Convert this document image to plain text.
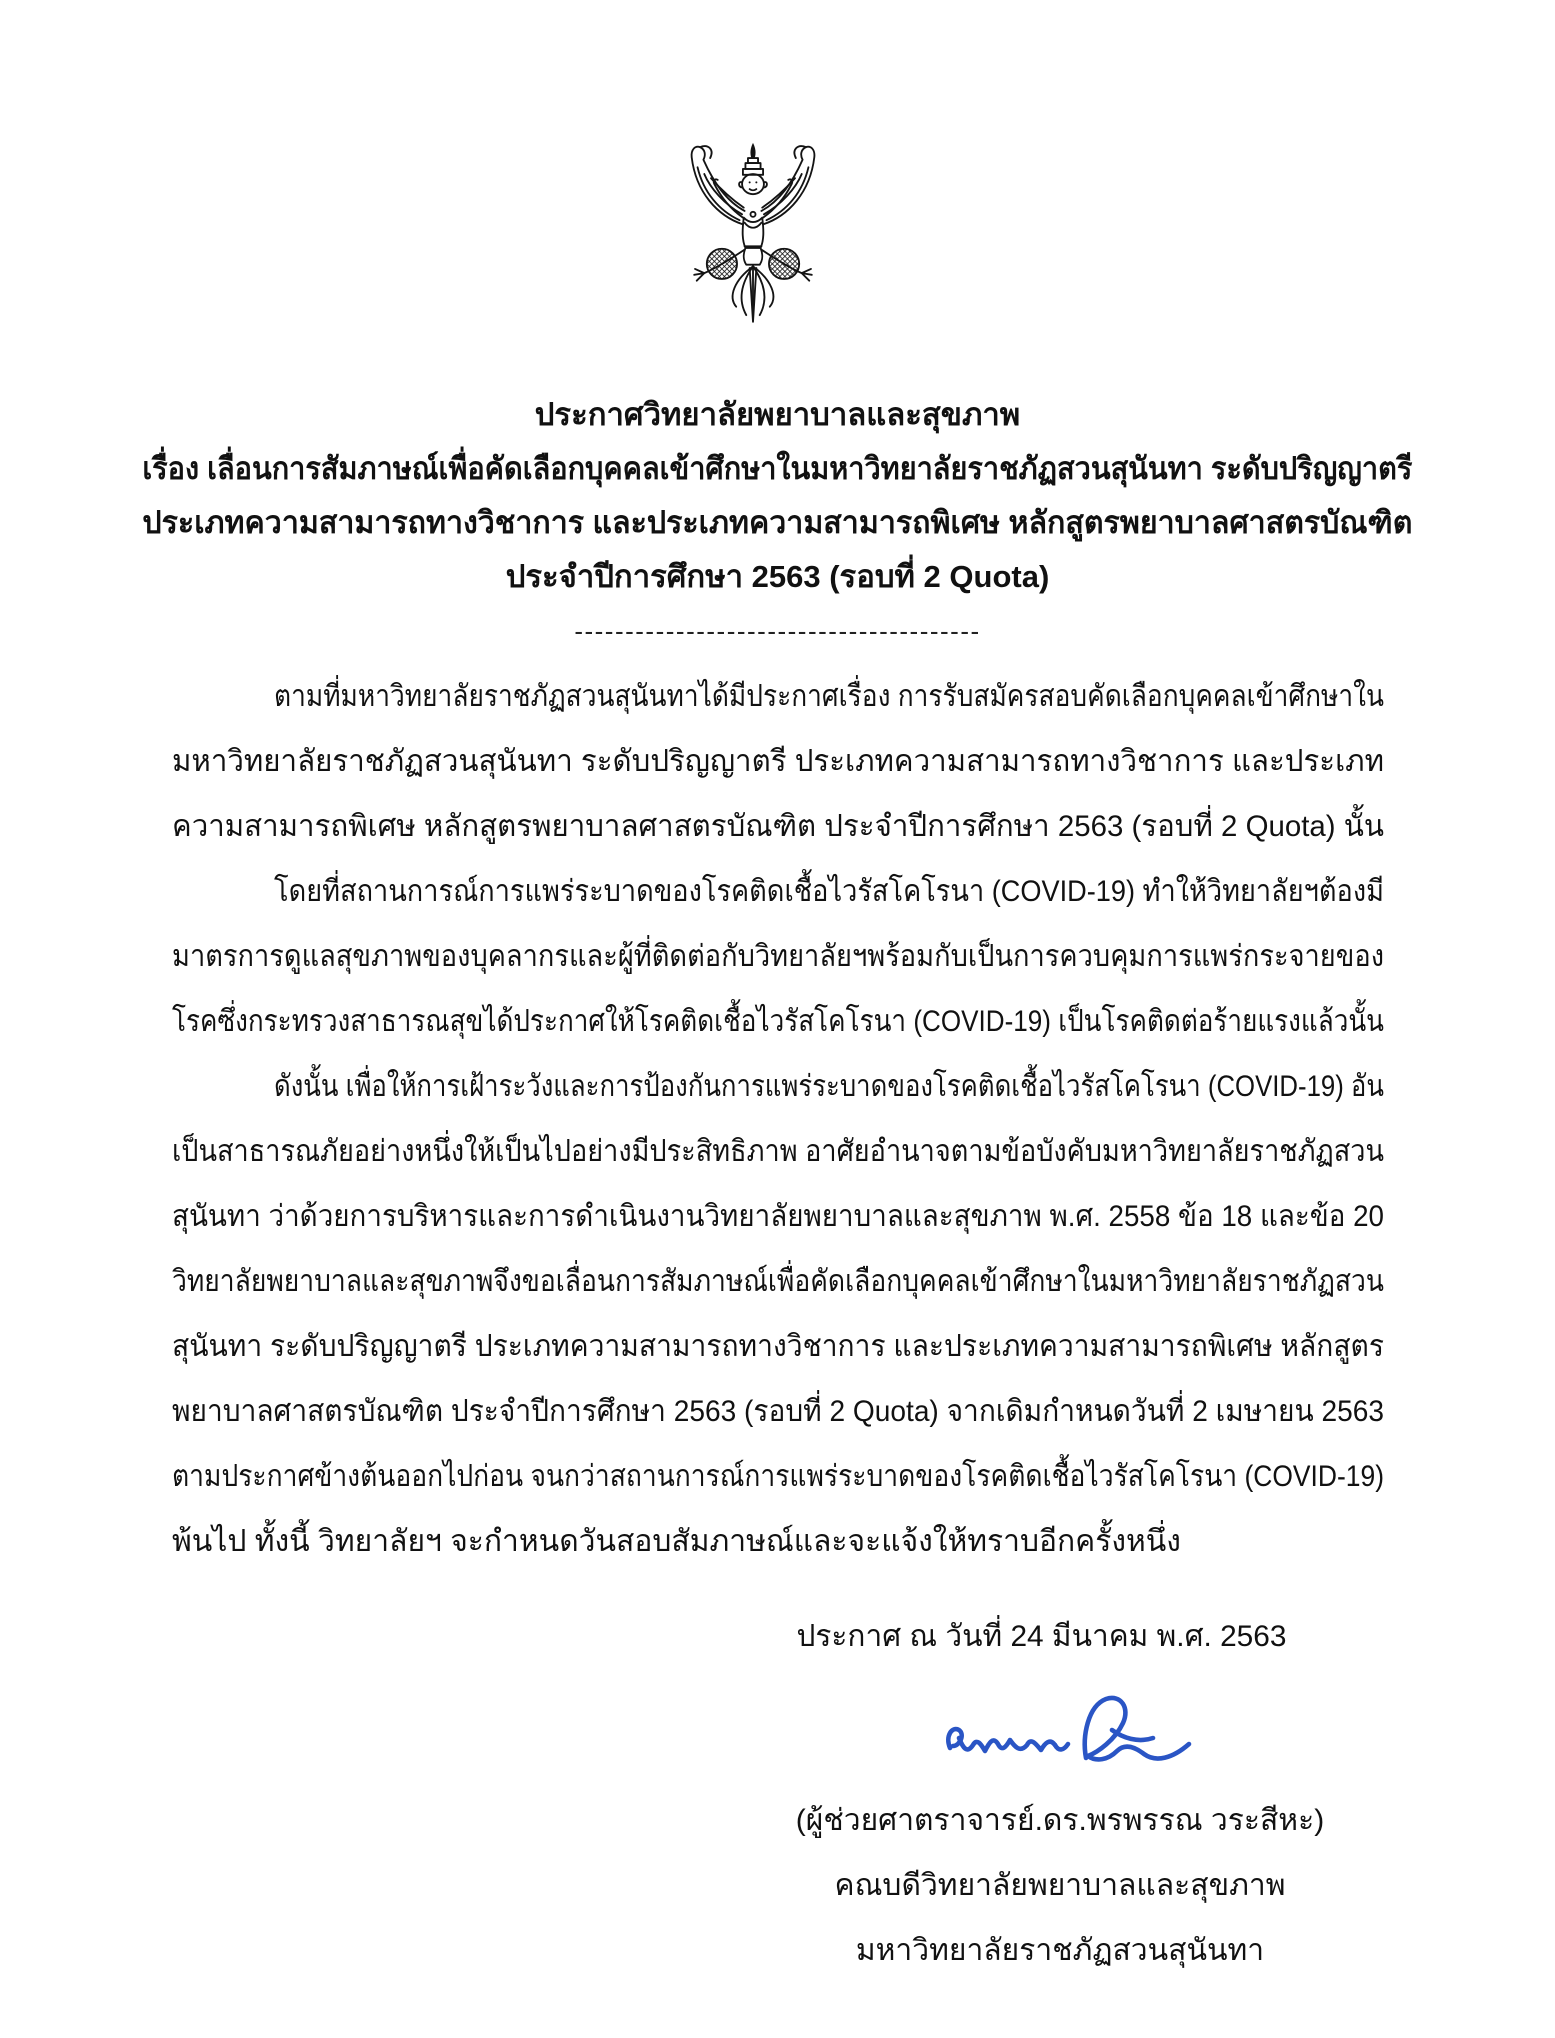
ประกาศวิทยาลัยพยาบาลและสุขภาพ
เรื่อง เลื่อนการสัมภาษณ์เพื่อคัดเลือกบุคคลเข้าศึกษาในมหาวิทยาลัยราชภัฏสวนสุนันทา ระดับปริญญาตรี
ประเภทความสามารถทางวิชาการ และประเภทความสามารถพิเศษ หลักสูตรพยาบาลศาสตรบัณฑิต
ประจำปีการศึกษา 2563 (รอบที่ 2 Quota)
----------------------------------------
ตามที่มหาวิทยาลัยราชภัฏสวนสุนันทาได้มีประกาศเรื่อง การรับสมัครสอบคัดเลือกบุคคลเข้าศึกษาใน
มหาวิทยาลัยราชภัฏสวนสุนันทา ระดับปริญญาตรี ประเภทความสามารถทางวิชาการ และประเภท
ความสามารถพิเศษ หลักสูตรพยาบาลศาสตรบัณฑิต ประจำปีการศึกษา 2563 (รอบที่ 2 Quota) นั้น
โดยที่สถานการณ์การแพร่ระบาดของโรคติดเชื้อไวรัสโคโรนา (COVID-19) ทำให้วิทยาลัยฯต้องมี
มาตรการดูแลสุขภาพของบุคลากรและผู้ที่ติดต่อกับวิทยาลัยฯพร้อมกับเป็นการควบคุมการแพร่กระจายของ
โรคซึ่งกระทรวงสาธารณสุขได้ประกาศให้โรคติดเชื้อไวรัสโคโรนา (COVID-19) เป็นโรคติดต่อร้ายแรงแล้วนั้น
ดังนั้น เพื่อให้การเฝ้าระวังและการป้องกันการแพร่ระบาดของโรคติดเชื้อไวรัสโคโรนา (COVID-19) อัน
เป็นสาธารณภัยอย่างหนึ่งให้เป็นไปอย่างมีประสิทธิภาพ อาศัยอำนาจตามข้อบังคับมหาวิทยาลัยราชภัฏสวน
สุนันทา ว่าด้วยการบริหารและการดำเนินงานวิทยาลัยพยาบาลและสุขภาพ พ.ศ. 2558 ข้อ 18 และข้อ 20
วิทยาลัยพยาบาลและสุขภาพจึงขอเลื่อนการสัมภาษณ์เพื่อคัดเลือกบุคคลเข้าศึกษาในมหาวิทยาลัยราชภัฏสวน
สุนันทา ระดับปริญญาตรี ประเภทความสามารถทางวิชาการ และประเภทความสามารถพิเศษ หลักสูตร
พยาบาลศาสตรบัณฑิต ประจำปีการศึกษา 2563 (รอบที่ 2 Quota) จากเดิมกำหนดวันที่ 2 เมษายน 2563
ตามประกาศข้างต้นออกไปก่อน จนกว่าสถานการณ์การแพร่ระบาดของโรคติดเชื้อไวรัสโคโรนา (COVID-19)
พ้นไป ทั้งนี้ วิทยาลัยฯ จะกำหนดวันสอบสัมภาษณ์และจะแจ้งให้ทราบอีกครั้งหนึ่ง
ประกาศ ณ วันที่ 24 มีนาคม พ.ศ. 2563
(ผู้ช่วยศาตราจารย์.ดร.พรพรรณ วระสีหะ)
คณบดีวิทยาลัยพยาบาลและสุขภาพ
มหาวิทยาลัยราชภัฏสวนสุนันทา
